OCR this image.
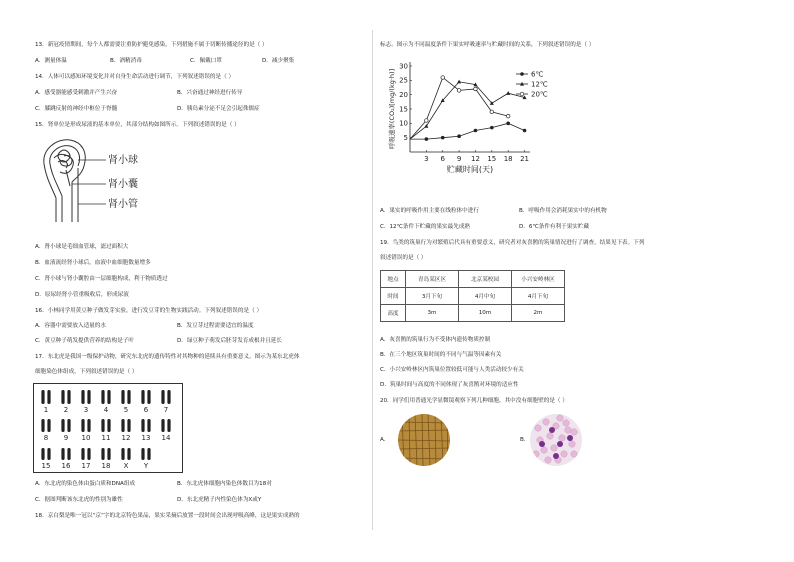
13．新冠疫情期间，每个人都需要注重防护避免感染，下列措施不属于切断传播途径的是（ ）
A．测量体温	B．酒精消毒	C．佩戴口罩	D．减少聚集
14．人体可以感知环境变化并对自身生命活动进行调节，下列叙述错误的是（ ）
A．感受器能感受刺激并产生兴奋	B．兴奋通过神经进行传导
C．膝跳反射的神经中枢位于脊髓	D．胰岛素分泌不足会引起侏儒症
15．肾单位是形成尿液的基本单位，其部分结构如图所示。下列叙述错误的是（ ）
肾小球
肾小囊
肾小管
A．肾小球是毛细血管球，滤过面积大
B．血液流经肾小球后，血液中血细胞数量增多
C．肾小球与肾小囊腔由一层细胞构成，利于物质透过
D．原尿经肾小管重吸收后，形成尿液
16．小林同学用黄豆种子做发芽实验，进行发豆芽的生物实践活动。下列叙述错误的是（ ）
A．容器中需要放入适量的水	B．发豆芽过程需要适宜的温度
C．黄豆种子萌发提供营养的结构是子叶	D．绿豆种子萌发后胚芽发育成根并且延长
17．东北虎是我国一级保护动物，研究东北虎的遗传特性对其物种的延续具有重要意义。图示为某东北虎体
细胞染色体组成，下列叙述错误的是（ ）
1 2 3 4 5 6 7
8 9 10 11 12 13 14
15 16 17 18 X Y
A．东北虎的染色体由蛋白质和DNA组成	B．东北虎体细胞内染色体数目为18对
C．据图判断该东北虎的性别为雄性	D．东北虎精子内性染色体为X或Y
18．京白梨是唯一冠以“京”字的北京特色果品，果实采摘后放置一段时间会出现呼吸高峰，这是果实成熟的
标志。图示为不同温度条件下果实呼吸速率与贮藏时间的关系，下列叙述错误的是（ ）
5
10
15
20
25
30
3 6 9 12 15 18 21
贮藏时间(天)
呼吸速率(CO₂)[mg/(kg·h)]	6℃
12℃
20℃
A．果实的呼吸作用主要在线粒体中进行	B．呼吸作用会消耗果实中的有机物
C．12℃条件下贮藏的果实最先成熟	D．6℃条件有利于果实贮藏
19．鸟类的筑巢行为对繁殖后代具有重要意义，研究者对灰喜鹊的筑巢情况进行了调查，结果见下表。下列
叙述错误的是（ ）
地点	青岛某区区	北京某校园	小兴安岭林区
时间	3月下旬	4月中旬	4月下旬
高度	3m	10m	2m
A．灰喜鹊的筑巢行为不受体内遗传物质控制
B．在三个地区筑巢时间的不同与气温等因素有关
C．小兴安岭林区内筑巢位置较低可能与人类活动较少有关
D．筑巢时间与高度的不同体现了灰喜鹊对环境的适应性
20．同学们用普通光学显微镜观察下列几种细胞，其中没有细胞壁的是（ ）
A．	B．
